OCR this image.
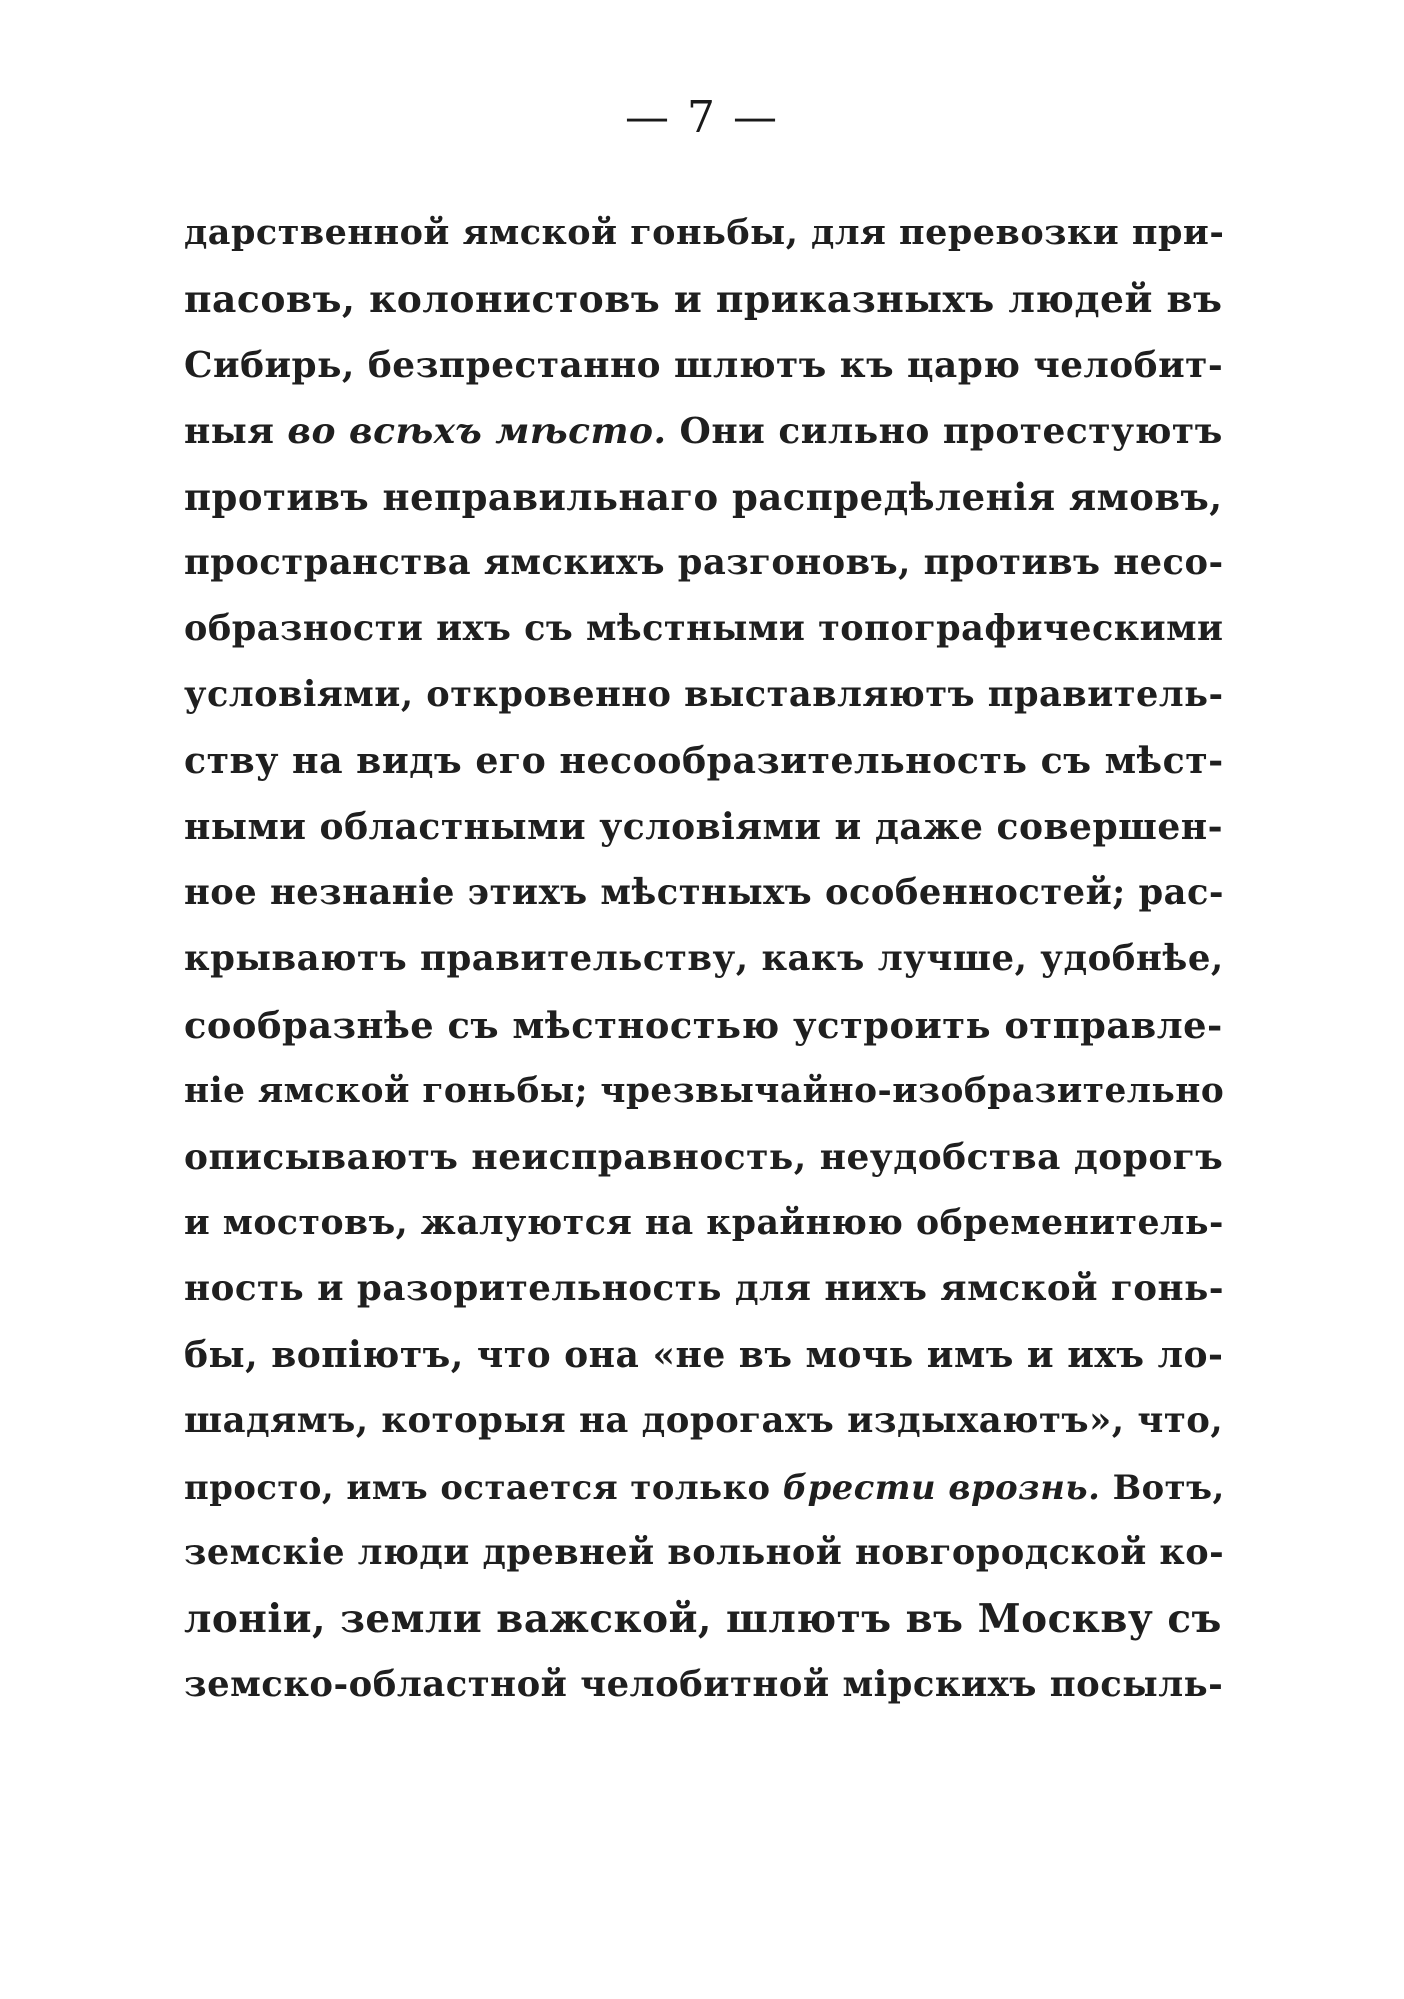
— 7 —
дарственной ямской гоньбы, для перевозки при-
пасовъ, колонистовъ и приказныхъ людей въ
Сибирь, безпрестанно шлютъ къ царю челобит-
ныя во всѣхъ мѣсто. Они сильно протестуютъ
противъ неправильнаго распредѣленія ямовъ,
пространства ямскихъ разгоновъ, противъ несо-
образности ихъ съ мѣстными топографическими
условіями, откровенно выставляютъ правитель-
ству на видъ его несообразительность съ мѣст-
ными областными условіями и даже совершен-
ное незнаніе этихъ мѣстныхъ особенностей; рас-
крываютъ правительству, какъ лучше, удобнѣе,
сообразнѣе съ мѣстностью устроить отправле-
ніе ямской гоньбы; чрезвычайно-изобразительно
описываютъ неисправность, неудобства дорогъ
и мостовъ, жалуются на крайнюю обременитель-
ность и разорительность для нихъ ямской гонь-
бы, вопіютъ, что она «не въ мочь имъ и ихъ ло-
шадямъ, которыя на дорогахъ издыхаютъ», что,
просто, имъ остается только брести врознь. Вотъ,
земскіе люди древней вольной новгородской ко-
лоніи, земли важской, шлютъ въ Москву съ
земско-областной челобитной мірскихъ посыль-
